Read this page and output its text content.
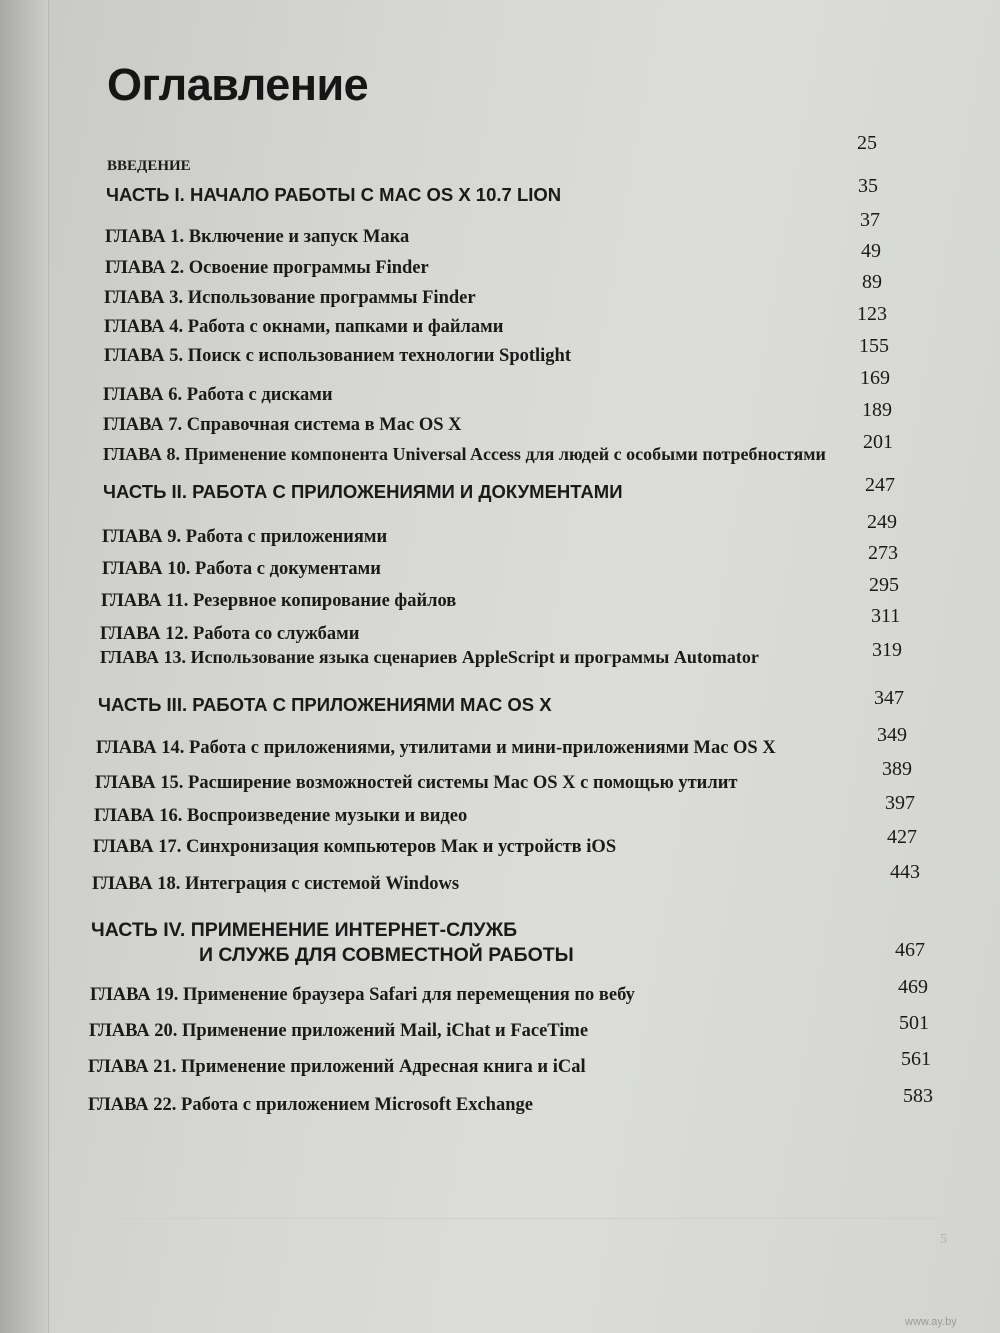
Оглавление
ВВЕДЕНИЕ
ЧАСТЬ I. НАЧАЛО РАБОТЫ С MAC OS X 10.7 LION
ГЛАВА 1. Включение и запуск Мака
ГЛАВА 2. Освоение программы Finder
ГЛАВА 3. Использование программы Finder
ГЛАВА 4. Работа с окнами, папками и файлами
ГЛАВА 5. Поиск с использованием технологии Spotlight
ГЛАВА 6. Работа с дисками
ГЛАВА 7. Справочная система в Mac OS X
ГЛАВА 8. Применение компонента Universal Access для людей с особыми потребностями
ЧАСТЬ II. РАБОТА С ПРИЛОЖЕНИЯМИ И ДОКУМЕНТАМИ
ГЛАВА 9. Работа с приложениями
ГЛАВА 10. Работа с документами
ГЛАВА 11. Резервное копирование файлов
ГЛАВА 12. Работа со службами
ГЛАВА 13. Использование языка сценариев AppleScript и программы Automator
ЧАСТЬ III. РАБОТА С ПРИЛОЖЕНИЯМИ MAC OS X
ГЛАВА 14. Работа с приложениями, утилитами и мини-приложениями Mac OS X
ГЛАВА 15. Расширение возможностей системы Mac OS X с помощью утилит
ГЛАВА 16. Воспроизведение музыки и видео
ГЛАВА 17. Синхронизация компьютеров Мак и устройств iOS
ГЛАВА 18. Интеграция с системой Windows
ЧАСТЬ IV. ПРИМЕНЕНИЕ ИНТЕРНЕТ-СЛУЖБ
И СЛУЖБ ДЛЯ СОВМЕСТНОЙ РАБОТЫ
ГЛАВА 19. Применение браузера Safari для перемещения по вебу
ГЛАВА 20. Применение приложений Mail, iChat и FaceTime
ГЛАВА 21. Применение приложений Адресная книга и iCal
ГЛАВА 22. Работа с приложением Microsoft Exchange
25
35
37
49
89
123
155
169
189
201
247
249
273
295
311
319
347
349
389
397
427
443
467
469
501
561
583
5
www.ay.by
